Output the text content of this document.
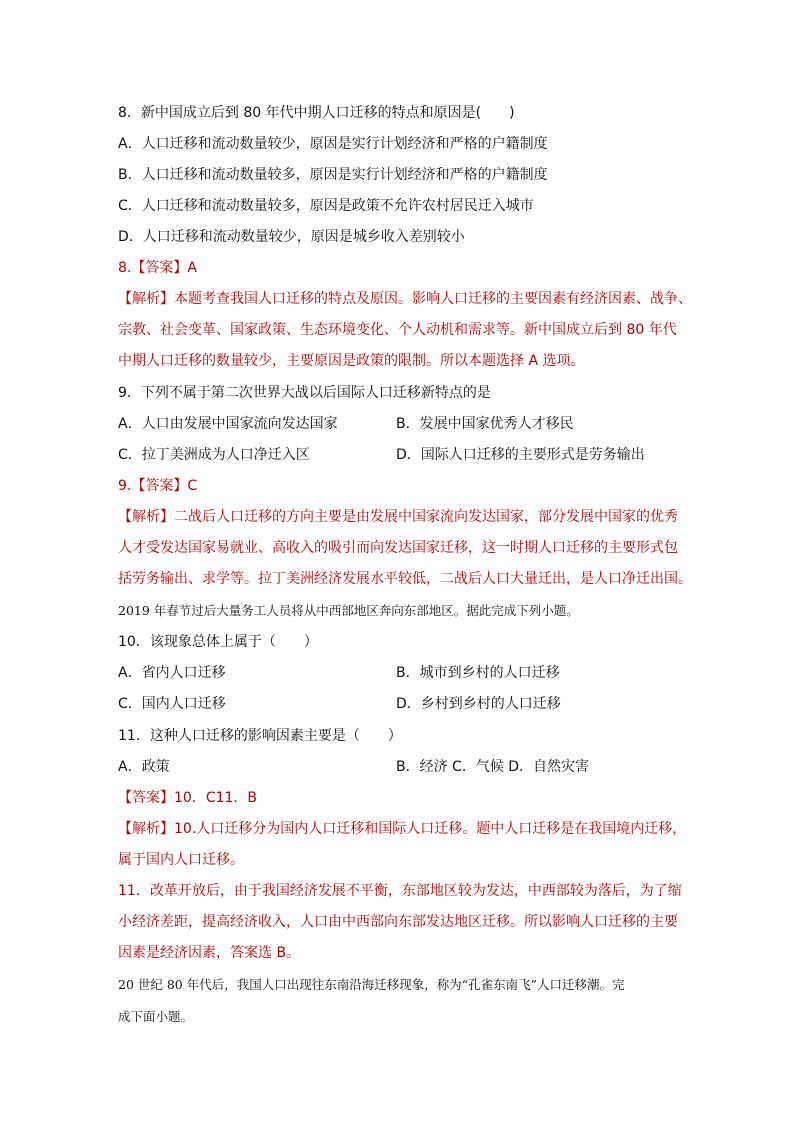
8．新中国成立后到 80 年代中期人口迁移的特点和原因是(　　)
A．人口迁移和流动数量较少，原因是实行计划经济和严格的户籍制度
B．人口迁移和流动数量较多，原因是实行计划经济和严格的户籍制度
C．人口迁移和流动数量较多，原因是政策不允许农村居民迁入城市
D．人口迁移和流动数量较少，原因是城乡收入差别较小
8.【答案】A
【解析】本题考查我国人口迁移的特点及原因。影响人口迁移的主要因素有经济因素、战争、
宗教、社会变革、国家政策、生态环境变化、个人动机和需求等。新中国成立后到 80 年代
中期人口迁移的数量较少，主要原因是政策的限制。所以本题选择 A 选项。
9．下列不属于第二次世界大战以后国际人口迁移新特点的是
A．人口由发展中国家流向发达国家	B．发展中国家优秀人才移民
C．拉丁美洲成为人口净迁入区	D．国际人口迁移的主要形式是劳务输出
9.【答案】C
【解析】二战后人口迁移的方向主要是由发展中国家流向发达国家，部分发展中国家的优秀
人才受发达国家易就业、高收入的吸引而向发达国家迁移，这一时期人口迁移的主要形式包
括劳务输出、求学等。拉丁美洲经济发展水平较低，二战后人口大量迁出，是人口净迁出国。
2019 年春节过后大量务工人员将从中西部地区奔向东部地区。据此完成下列小题。
10．该现象总体上属于（　　）
A．省内人口迁移	B．城市到乡村的人口迁移
C．国内人口迁移	D．乡村到乡村的人口迁移
11．这种人口迁移的影响因素主要是（　　）
A．政策	B．经济 C．气候 D．自然灾害
【答案】10．C11．B
【解析】10.人口迁移分为国内人口迁移和国际人口迁移。题中人口迁移是在我国境内迁移，
属于国内人口迁移。
11．改革开放后，由于我国经济发展不平衡，东部地区较为发达，中西部较为落后，为了缩
小经济差距，提高经济收入，人口由中西部向东部发达地区迁移。所以影响人口迁移的主要
因素是经济因素，答案选 B。
20 世纪 80 年代后，我国人口出现往东南沿海迁移现象，称为“孔雀东南飞”人口迁移潮。完
成下面小题。
